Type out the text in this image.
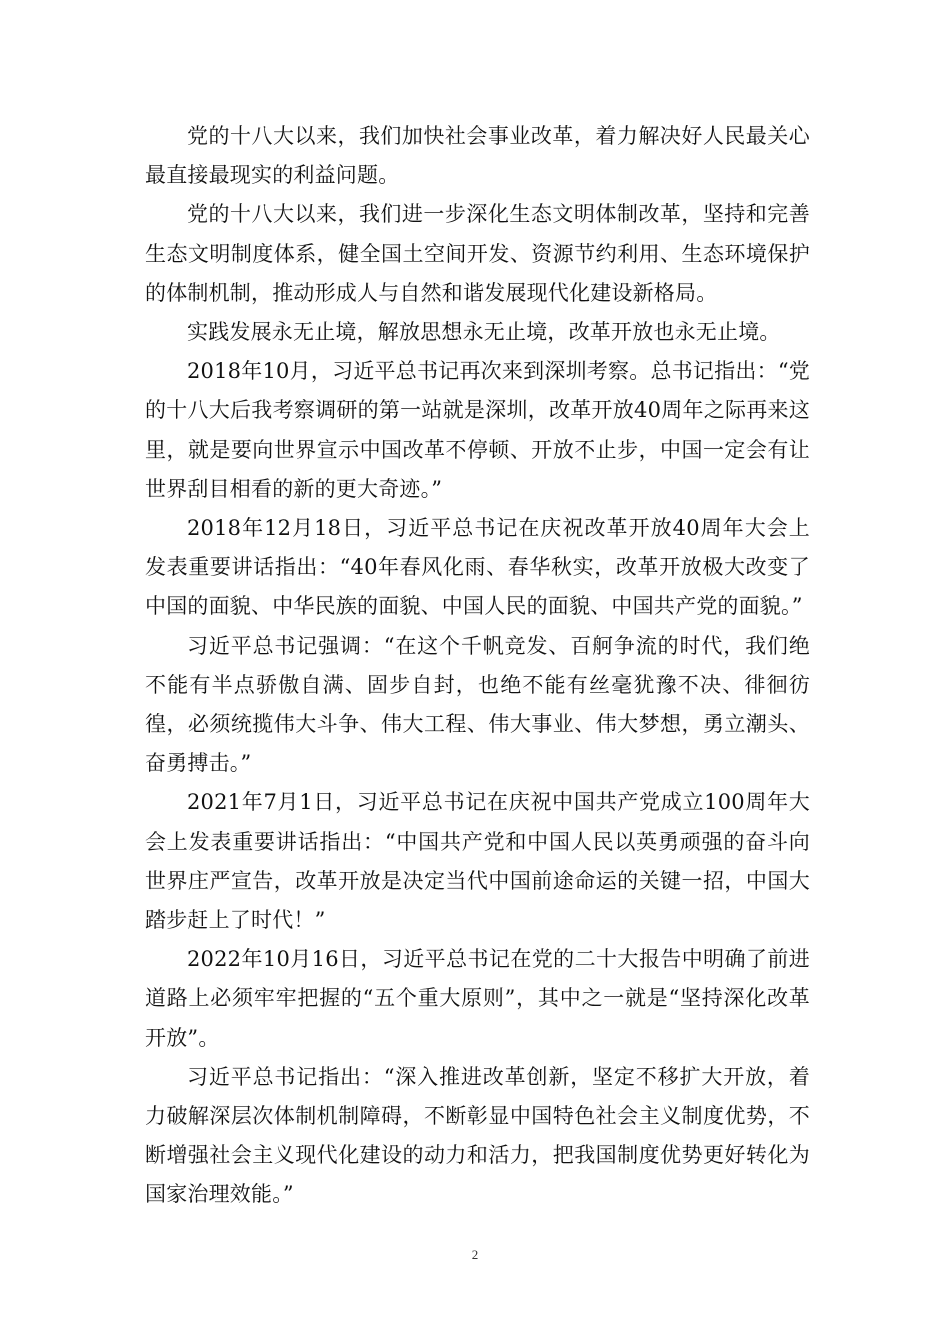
党的十八大以来，我们加快社会事业改革，着力解决好人民最关心最直接最现实的利益问题。

党的十八大以来，我们进一步深化生态文明体制改革，坚持和完善生态文明制度体系，健全国土空间开发、资源节约利用、生态环境保护的体制机制，推动形成人与自然和谐发展现代化建设新格局。

实践发展永无止境，解放思想永无止境，改革开放也永无止境。

2018年10月，习近平总书记再次来到深圳考察。总书记指出：“党的十八大后我考察调研的第一站就是深圳，改革开放40周年之际再来这里，就是要向世界宣示中国改革不停顿、开放不止步，中国一定会有让世界刮目相看的新的更大奇迹。”

2018年12月18日，习近平总书记在庆祝改革开放40周年大会上发表重要讲话指出：“40年春风化雨、春华秋实，改革开放极大改变了中国的面貌、中华民族的面貌、中国人民的面貌、中国共产党的面貌。”

习近平总书记强调：“在这个千帆竞发、百舸争流的时代，我们绝不能有半点骄傲自满、固步自封，也绝不能有丝毫犹豫不决、徘徊彷徨，必须统揽伟大斗争、伟大工程、伟大事业、伟大梦想，勇立潮头、奋勇搏击。”

2021年7月1日，习近平总书记在庆祝中国共产党成立100周年大会上发表重要讲话指出：“中国共产党和中国人民以英勇顽强的奋斗向世界庄严宣告，改革开放是决定当代中国前途命运的关键一招，中国大踏步赶上了时代！”

2022年10月16日，习近平总书记在党的二十大报告中明确了前进道路上必须牢牢把握的“五个重大原则”，其中之一就是“坚持深化改革开放”。

习近平总书记指出：“深入推进改革创新，坚定不移扩大开放，着力破解深层次体制机制障碍，不断彰显中国特色社会主义制度优势，不断增强社会主义现代化建设的动力和活力，把我国制度优势更好转化为国家治理效能。”

2
